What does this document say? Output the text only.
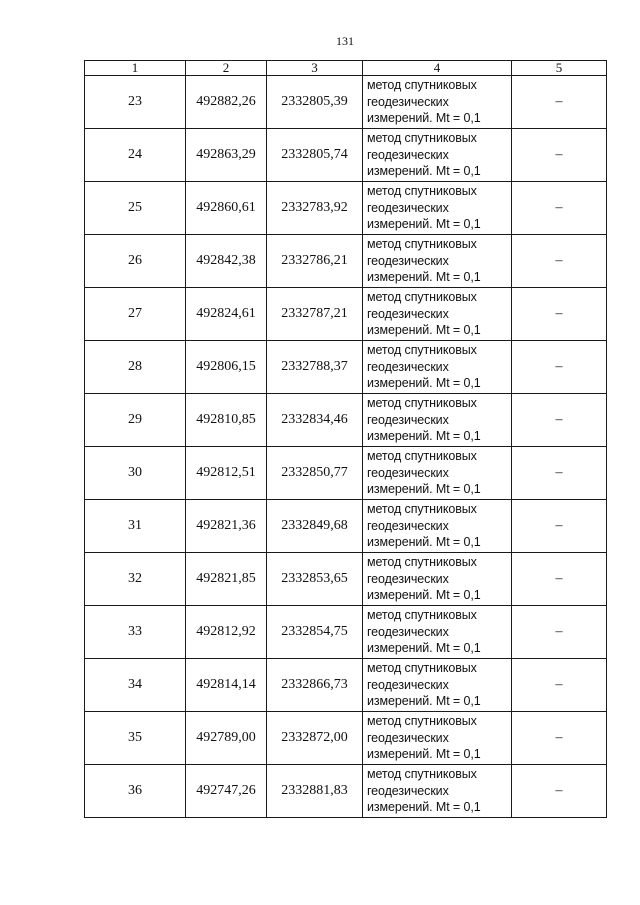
131
1	2	3	4	5
23	492882,26	2332805,39	метод спутниковых
геодезических
измерений. Mt = 0,1	–
24	492863,29	2332805,74	метод спутниковых
геодезических
измерений. Mt = 0,1	–
25	492860,61	2332783,92	метод спутниковых
геодезических
измерений. Mt = 0,1	–
26	492842,38	2332786,21	метод спутниковых
геодезических
измерений. Mt = 0,1	–
27	492824,61	2332787,21	метод спутниковых
геодезических
измерений. Mt = 0,1	–
28	492806,15	2332788,37	метод спутниковых
геодезических
измерений. Mt = 0,1	–
29	492810,85	2332834,46	метод спутниковых
геодезических
измерений. Mt = 0,1	–
30	492812,51	2332850,77	метод спутниковых
геодезических
измерений. Mt = 0,1	–
31	492821,36	2332849,68	метод спутниковых
геодезических
измерений. Mt = 0,1	–
32	492821,85	2332853,65	метод спутниковых
геодезических
измерений. Mt = 0,1	–
33	492812,92	2332854,75	метод спутниковых
геодезических
измерений. Mt = 0,1	–
34	492814,14	2332866,73	метод спутниковых
геодезических
измерений. Mt = 0,1	–
35	492789,00	2332872,00	метод спутниковых
геодезических
измерений. Mt = 0,1	–
36	492747,26	2332881,83	метод спутниковых
геодезических
измерений. Mt = 0,1	–
